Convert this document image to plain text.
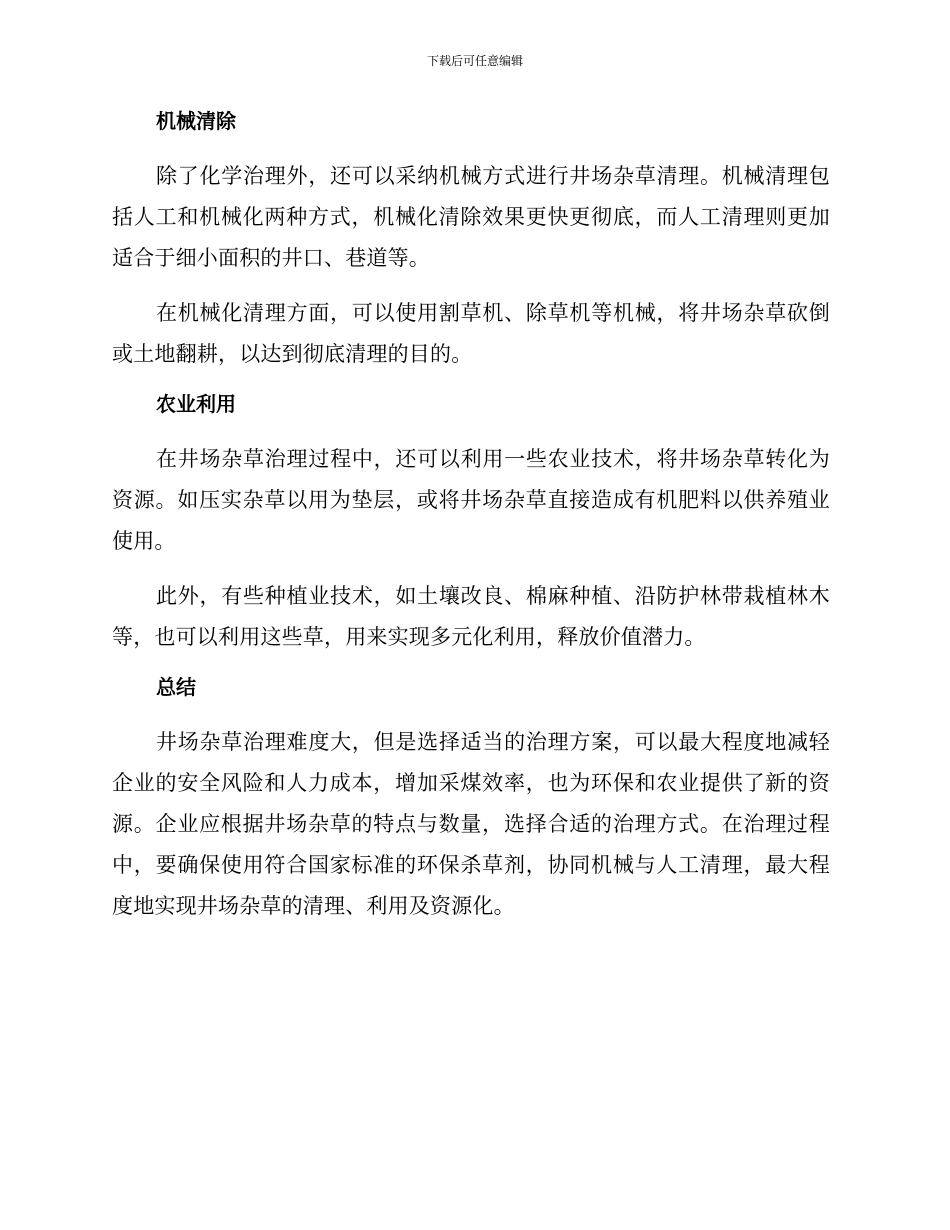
下载后可任意编辑
机械清除

除了化学治理外，还可以采纳机械方式进行井场杂草清理。机械清理包括人工和机械化两种方式，机械化清除效果更快更彻底，而人工清理则更加适合于细小面积的井口、巷道等。

在机械化清理方面，可以使用割草机、除草机等机械，将井场杂草砍倒或土地翻耕，以达到彻底清理的目的。

农业利用

在井场杂草治理过程中，还可以利用一些农业技术，将井场杂草转化为资源。如压实杂草以用为垫层，或将井场杂草直接造成有机肥料以供养殖业使用。

此外，有些种植业技术，如土壤改良、棉麻种植、沿防护林带栽植林木等，也可以利用这些草，用来实现多元化利用，释放价值潜力。

总结

井场杂草治理难度大，但是选择适当的治理方案，可以最大程度地减轻企业的安全风险和人力成本，增加采煤效率，也为环保和农业提供了新的资源。企业应根据井场杂草的特点与数量，选择合适的治理方式。在治理过程中，要确保使用符合国家标准的环保杀草剂，协同机械与人工清理，最大程度地实现井场杂草的清理、利用及资源化。
